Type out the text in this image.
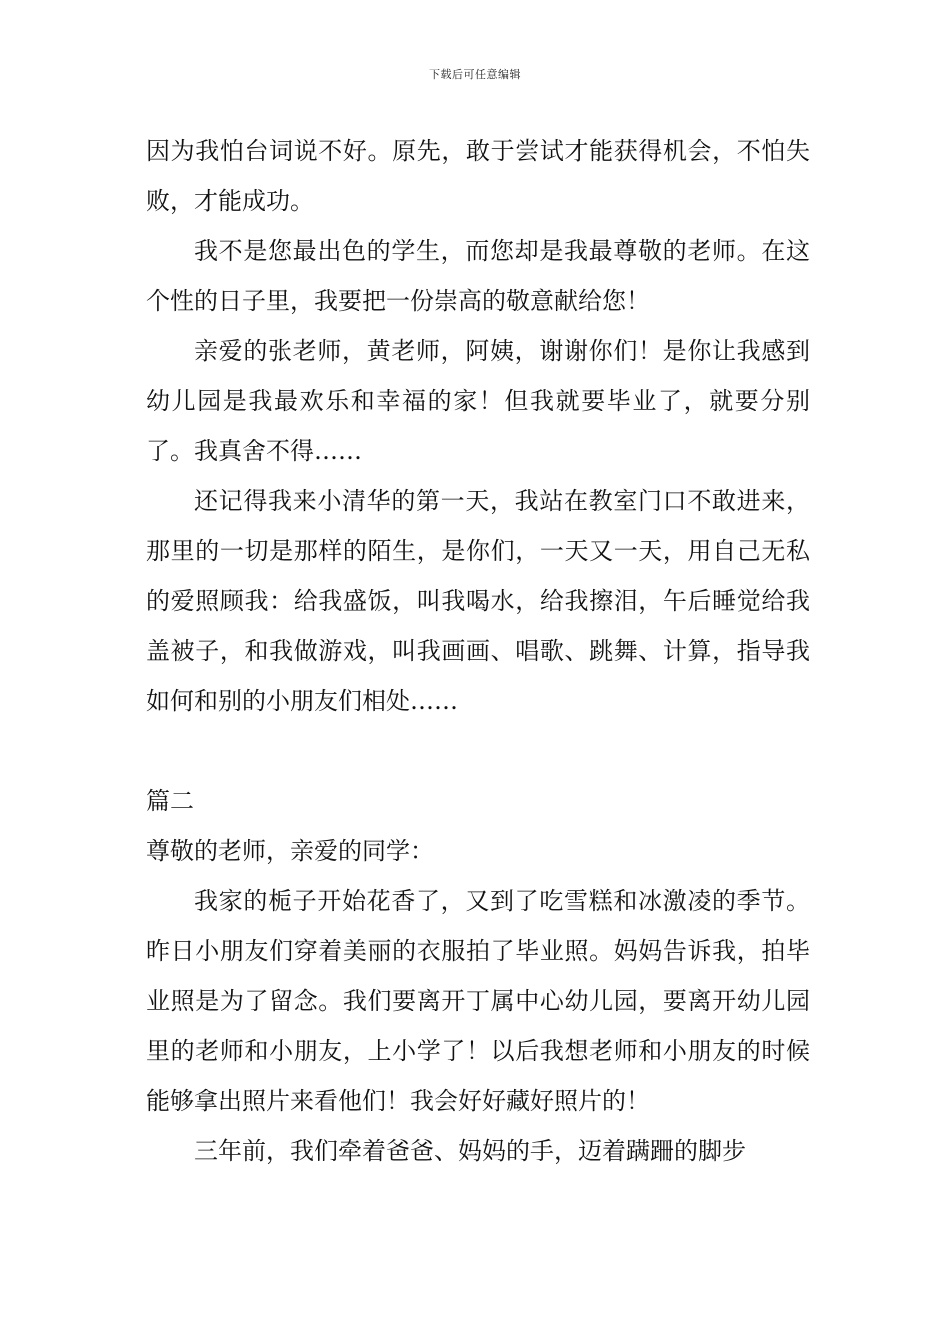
下载后可任意编辑

因为我怕台词说不好。原先，敢于尝试才能获得机会，不怕失败，才能成功。

我不是您最出色的学生，而您却是我最尊敬的老师。在这个性的日子里，我要把一份崇高的敬意献给您！

亲爱的张老师，黄老师，阿姨，谢谢你们！是你让我感到幼儿园是我最欢乐和幸福的家！但我就要毕业了，就要分别了。我真舍不得……

还记得我来小清华的第一天，我站在教室门口不敢进来，那里的一切是那样的陌生，是你们，一天又一天，用自己无私的爱照顾我：给我盛饭，叫我喝水，给我擦泪，午后睡觉给我盖被子，和我做游戏，叫我画画、唱歌、跳舞、计算，指导我如何和别的小朋友们相处……

篇二

尊敬的老师，亲爱的同学：

我家的栀子开始花香了，又到了吃雪糕和冰激凌的季节。昨日小朋友们穿着美丽的衣服拍了毕业照。妈妈告诉我，拍毕业照是为了留念。我们要离开丁属中心幼儿园，要离开幼儿园里的老师和小朋友，上小学了！以后我想老师和小朋友的时候能够拿出照片来看他们！我会好好藏好照片的！

三年前，我们牵着爸爸、妈妈的手，迈着蹒跚的脚步
